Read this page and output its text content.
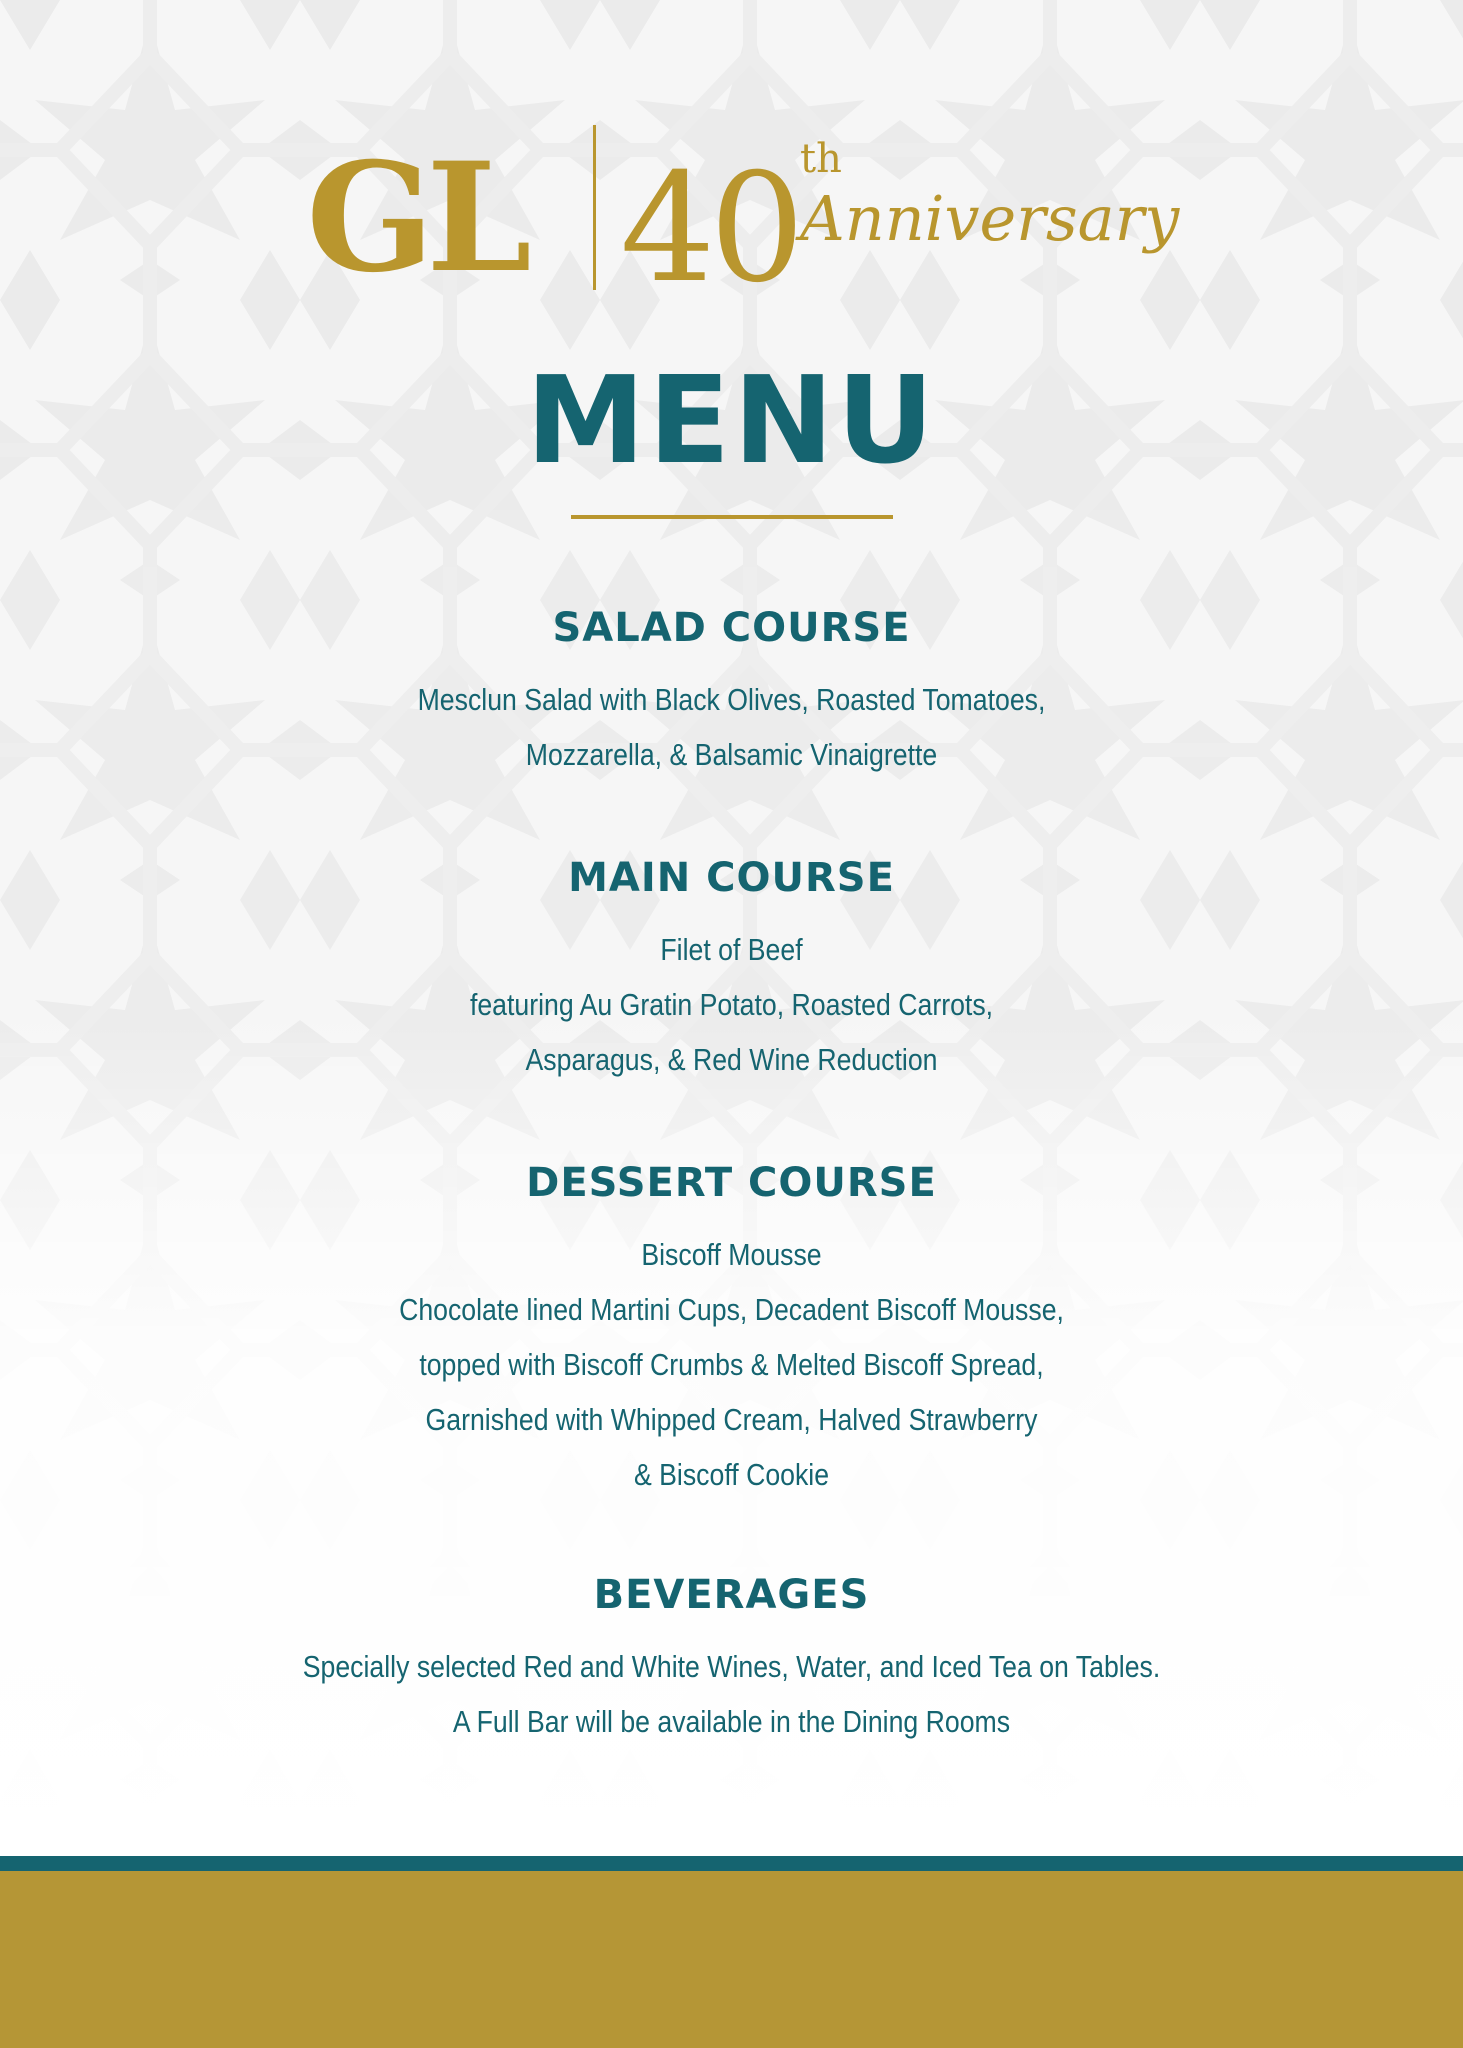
GL 40 th
Anniversary
MENU
SALAD COURSE
Mesclun Salad with Black Olives, Roasted Tomatoes,
Mozzarella, & Balsamic Vinaigrette
MAIN COURSE
Filet of Beef
featuring Au Gratin Potato, Roasted Carrots,
Asparagus, & Red Wine Reduction
DESSERT COURSE
Biscoff Mousse
Chocolate lined Martini Cups, Decadent Biscoff Mousse,
topped with Biscoff Crumbs & Melted Biscoff Spread,
Garnished with Whipped Cream, Halved Strawberry
& Biscoff Cookie
BEVERAGES
Specially selected Red and White Wines, Water, and Iced Tea on Tables.
A Full Bar will be available in the Dining Rooms
